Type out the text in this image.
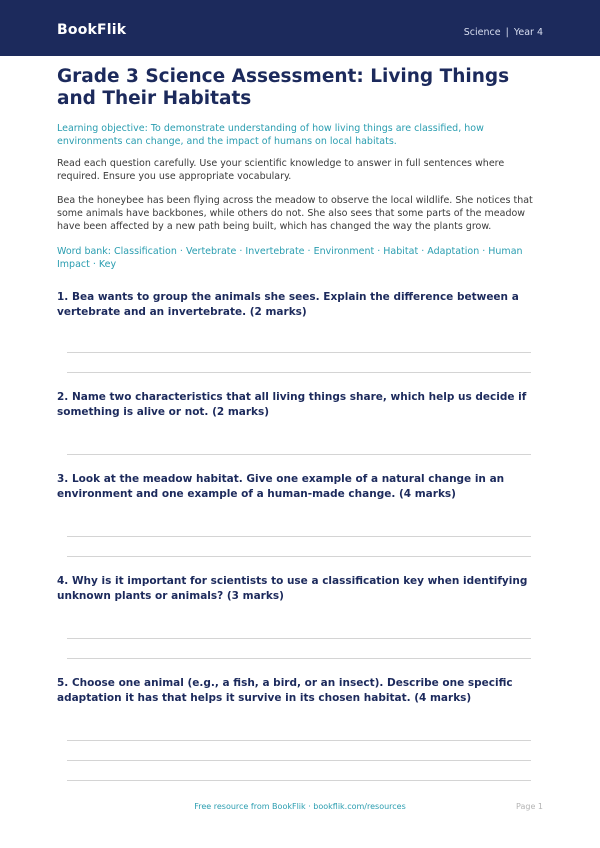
BookFlik	Science | Year 4
Grade 3 Science Assessment: Living Things and Their Habitats

Learning objective: To demonstrate understanding of how living things are classified, how environments can change, and the impact of humans on local habitats.

Read each question carefully. Use your scientific knowledge to answer in full sentences where required. Ensure you use appropriate vocabulary.

Bea the honeybee has been flying across the meadow to observe the local wildlife. She notices that some animals have backbones, while others do not. She also sees that some parts of the meadow have been affected by a new path being built, which has changed the way the plants grow.

Word bank: Classification · Vertebrate · Invertebrate · Environment · Habitat · Adaptation · Human Impact · Key

1. Bea wants to group the animals she sees. Explain the difference between a vertebrate and an invertebrate. (2 marks)

2. Name two characteristics that all living things share, which help us decide if something is alive or not. (2 marks)

3. Look at the meadow habitat. Give one example of a natural change in an environment and one example of a human-made change. (4 marks)

4. Why is it important for scientists to use a classification key when identifying unknown plants or animals? (3 marks)

5. Choose one animal (e.g., a fish, a bird, or an insect). Describe one specific adaptation it has that helps it survive in its chosen habitat. (4 marks)

Free resource from BookFlik · bookflik.com/resources	Page 1
